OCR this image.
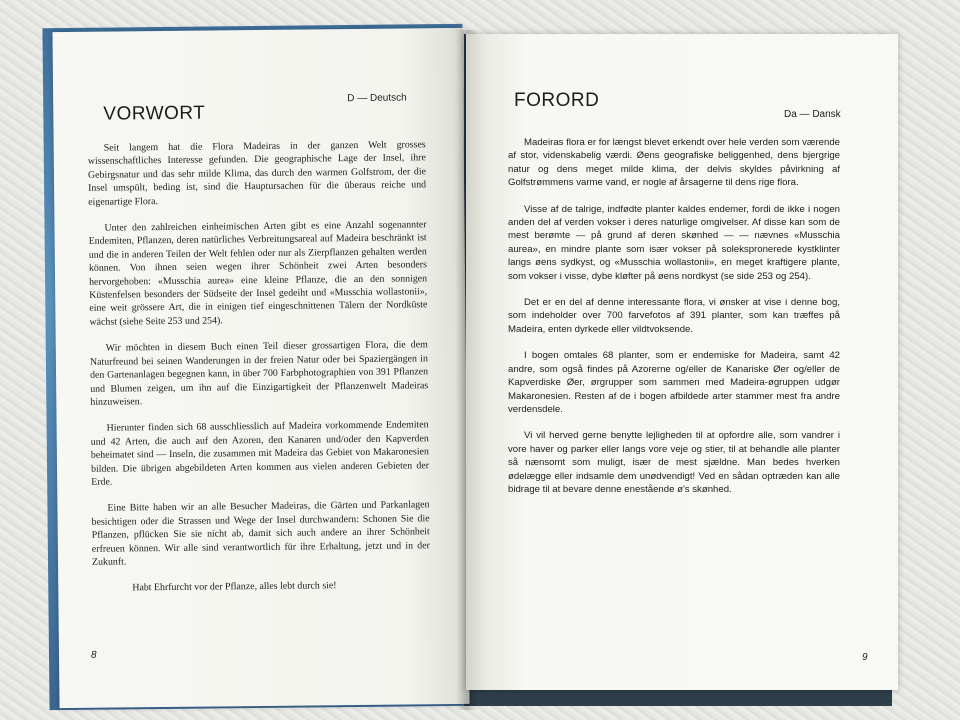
VORWORT
D — Deutsch

Seit langem hat die Flora Madeiras in der ganzen Welt grosses wissenschaftliches Interesse gefunden. Die geographische Lage der Insel, ihre Gebirgsnatur und das sehr milde Klima, das durch den warmen Golfstrom, der die Insel umspült, beding ist, sind die Hauptursachen für die überaus reiche und eigenartige Flora.

Unter den zahlreichen einheimischen Arten gibt es eine Anzahl sogenannter Endemiten, Pflanzen, deren natürliches Verbreitungsareal auf Madeira beschränkt ist und die in anderen Teilen der Welt fehlen oder nur als Zierpflanzen gehalten werden können. Von ihnen seien wegen ihrer Schönheit zwei Arten besonders hervorgehoben: «Musschia aurea» eine kleine Pflanze, die an den sonnigen Küstenfelsen besonders der Südseite der Insel gedeiht und «Musschia wollastonii», eine weit grössere Art, die in einigen tief eingeschnittenen Tälern der Nordküste wächst (siehe Seite 253 und 254).

Wir möchten in diesem Buch einen Teil dieser grossartigen Flora, die dem Naturfreund bei seinen Wanderungen in der freien Natur oder bei Spaziergängen in den Gartenanlagen begegnen kann, in über 700 Farbphotographien von 391 Pflanzen und Blumen zeigen, um ihn auf die Einzigartigkeit der Pflanzenwelt Madeiras hinzuweisen.

Hierunter finden sich 68 ausschliesslich auf Madeira vorkommende Endemiten und 42 Arten, die auch auf den Azoren, den Kanaren und/oder den Kapverden beheimatet sind — Inseln, die zusammen mit Madeira das Gebiet von Makaronesien bilden. Die übrigen abgebildeten Arten kommen aus vielen anderen Gebieten der Erde.

Eine Bitte haben wir an alle Besucher Madeiras, die Gärten und Parkanlagen besichtigen oder die Strassen und Wege der Insel durchwandern: Schonen Sie die Pflanzen, pflücken Sie sie nicht ab, damit sich auch andere an ihrer Schönheit erfreuen können. Wir alle sind verantwortlich für ihre Erhaltung, jetzt und in der Zukunft.

Habt Ehrfurcht vor der Pflanze, alles lebt durch sie!

8
FORORD
Da — Dansk

Madeiras flora er for længst blevet erkendt over hele verden som værende af stor, videnskabelig værdi. Øens geografiske beliggenhed, dens bjergrige natur og dens meget milde klima, der delvis skyldes påvirkning af Golfstrømmens varme vand, er nogle af årsagerne til dens rige flora.

Visse af de talrige, indfødte planter kaldes endemer, fordi de ikke i nogen anden del af verden vokser i deres naturlige omgivelser. Af disse kan som de mest berømte — på grund af deren skønhed — — nævnes «Musschia aurea», en mindre plante som især vokser på solekspronerede kystklinter langs øens sydkyst, og «Musschia wollastonii», en meget kraftigere plante, som vokser i visse, dybe kløfter på øens nordkyst (se side 253 og 254).

Det er en del af denne interessante flora, vi ønsker at vise i denne bog, som indeholder over 700 farvefotos af 391 planter, som kan træffes på Madeira, enten dyrkede eller vildtvoksende.

I bogen omtales 68 planter, som er endemiske for Madeira, samt 42 andre, som også findes på Azorerne og/eller de Kanariske Øer og/eller de Kapverdiske Øer, ørgrupper som sammen med Madeira-øgruppen udgør Makaronesien. Resten af de i bogen afbildede arter stammer mest fra andre verdensdele.

Vi vil herved gerne benytte lejligheden til at opfordre alle, som vandrer i vore haver og parker eller langs vore veje og stier, til at behandle alle planter så nænsomt som muligt, især de mest sjældne. Man bedes hverken ødelægge eller indsamle dem unødvendigt! Ved en sådan optræden kan alle bidrage til at bevare denne enestående ø's skønhed.

9
